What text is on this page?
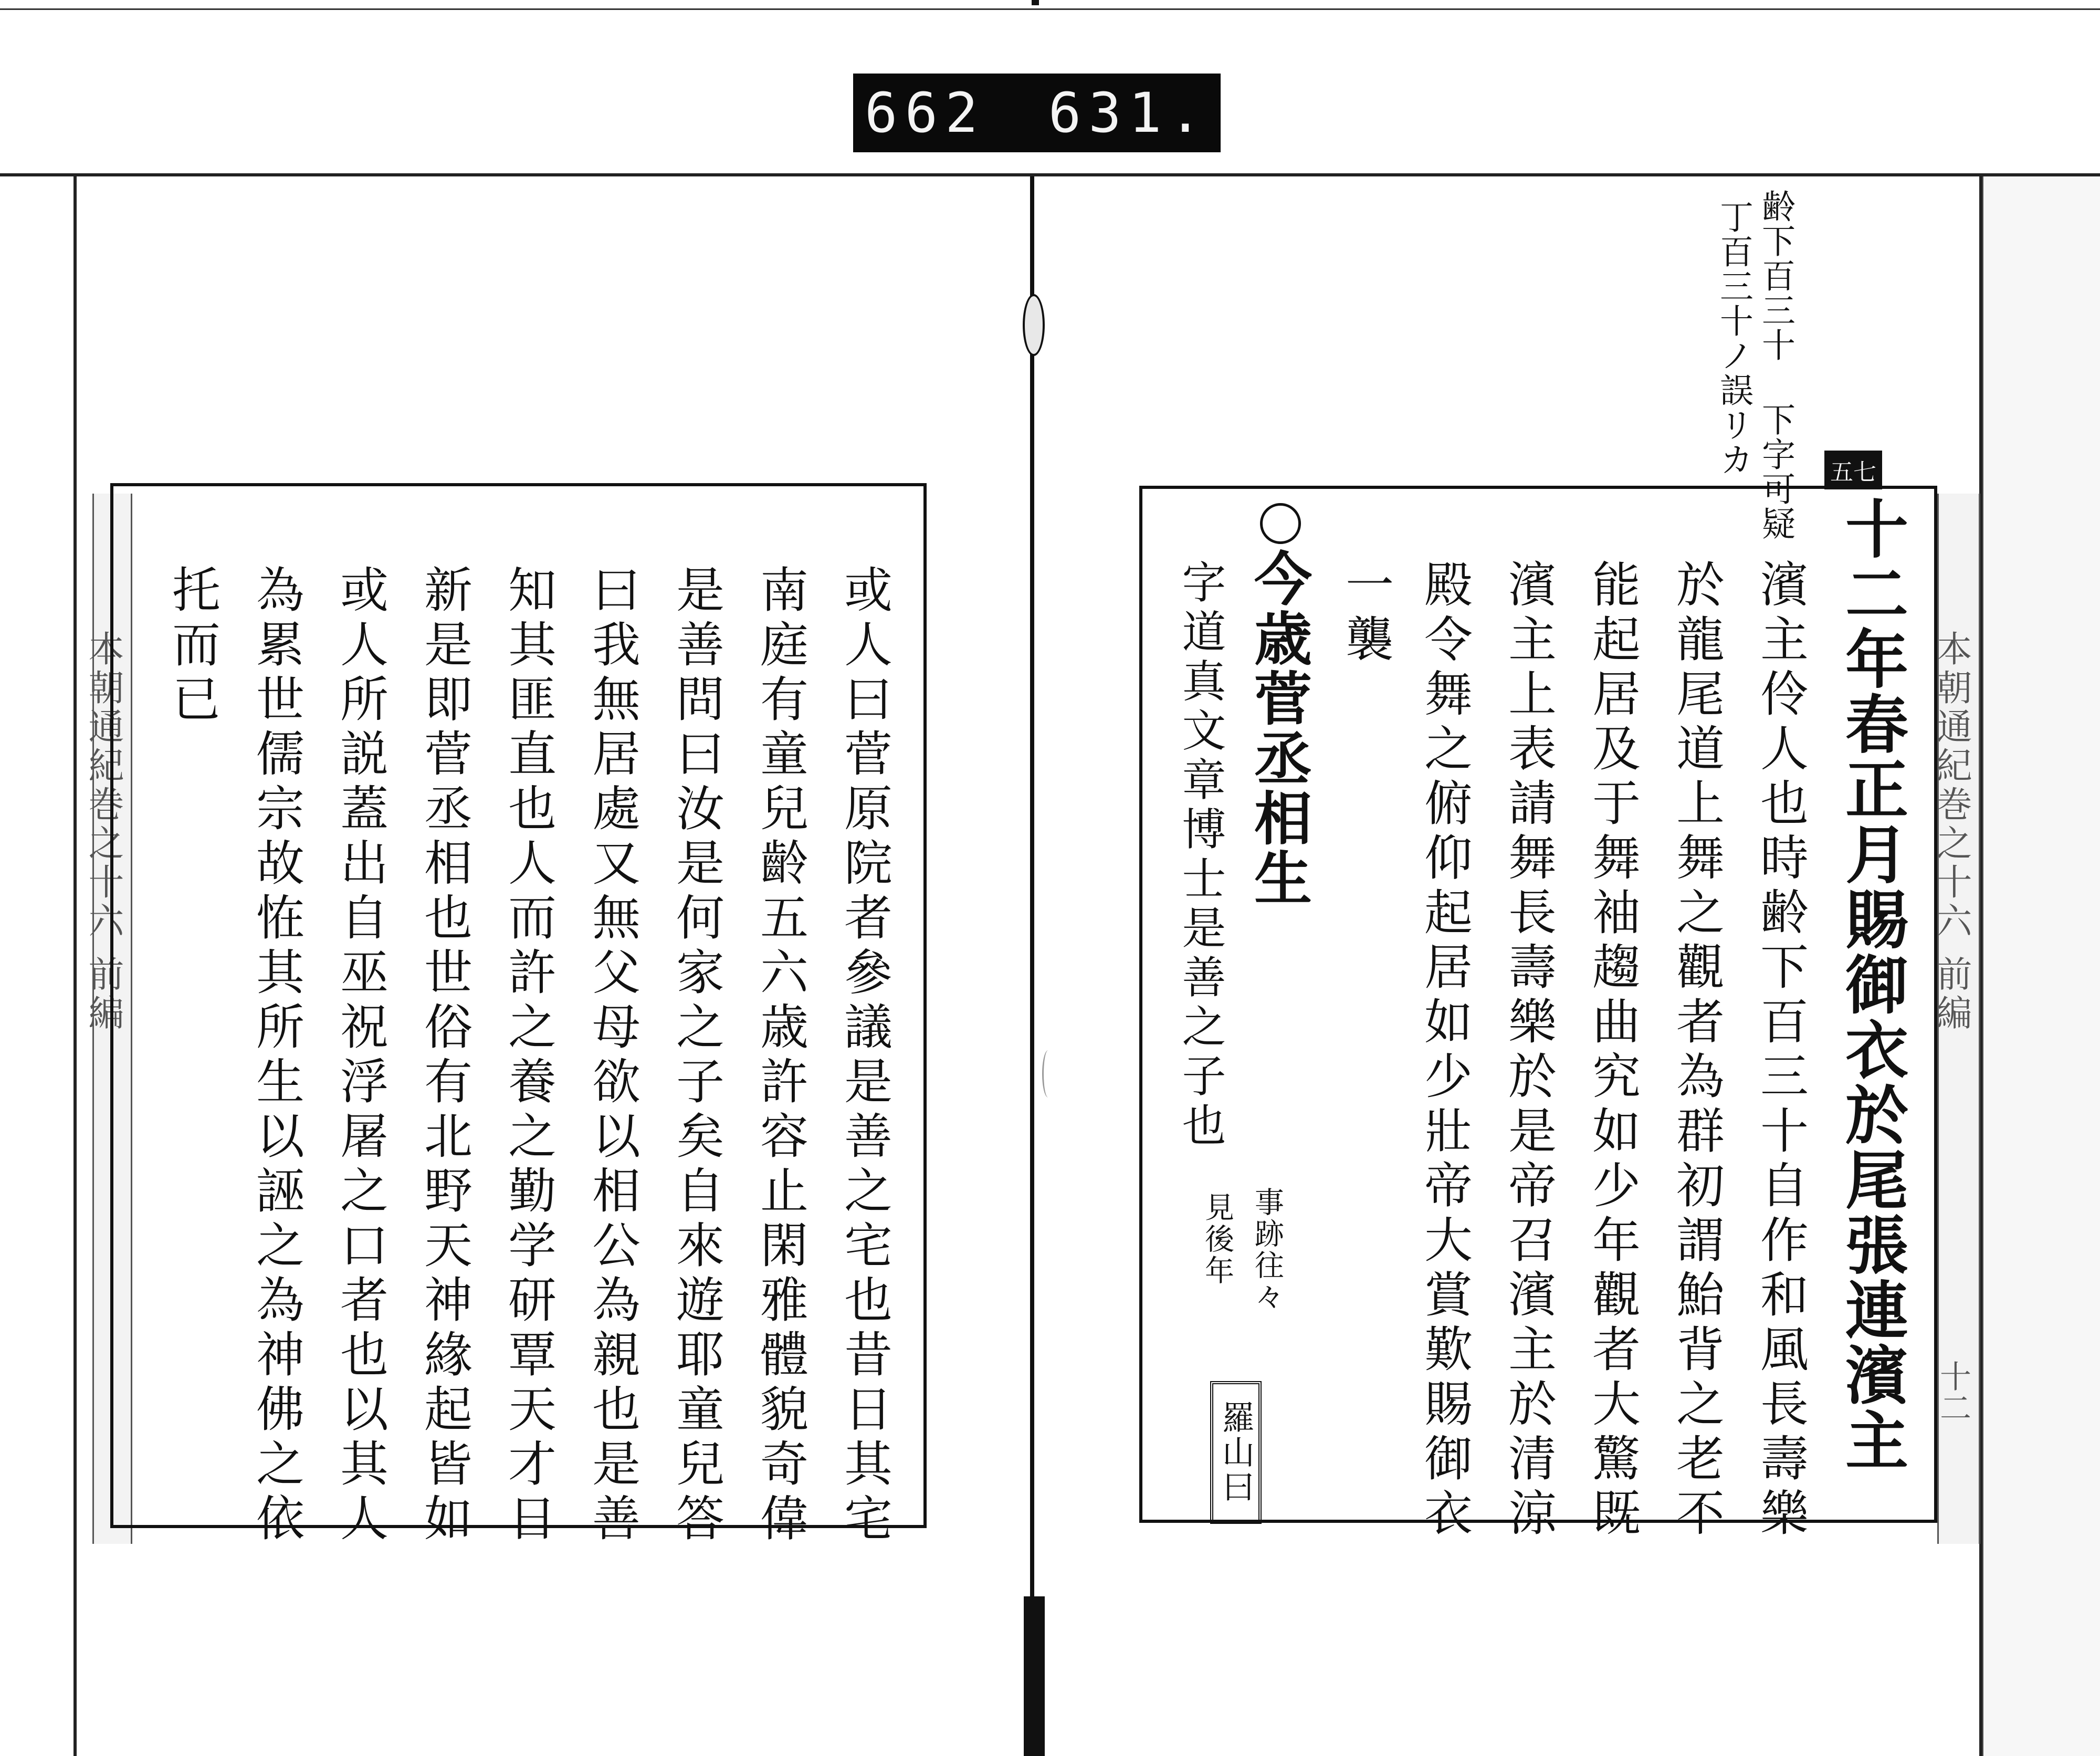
662 631.
本朝通紀巻之十六 前編	本朝通紀巻之十六 前編
十二
齢下百三十 下字可疑
丁百三十ノ誤リカ	五七
十二年春正月賜御衣於尾張連濱主
濱主伶人也時齢下百三十自作和風長壽樂
於龍尾道上舞之觀者為群初謂鮐背之老不
能起居及于舞袖趨曲究如少年觀者大驚既
濱主上表請舞長壽樂於是帝召濱主於清涼
殿令舞之俯仰起居如少壯帝大賞歎賜御衣
一襲
今歳菅丞相生
字道真文章博士是善之子也
事跡往々
見後年
羅山曰
或人曰菅原院者參議是善之宅也昔日其宅
南庭有童兒齡五六歳許容止閑雅體貌奇偉
是善問曰汝是何家之子矣自來遊耶童兒答
曰我無居處又無父母欲以相公為親也是善
知其匪直也人而許之養之勤学研覃天才日
新是即菅丞相也世俗有北野天神緣起皆如
或人所説蓋出自巫祝浮屠之口者也以其人
為累世儒宗故恠其所生以誣之為神佛之依
托而已
